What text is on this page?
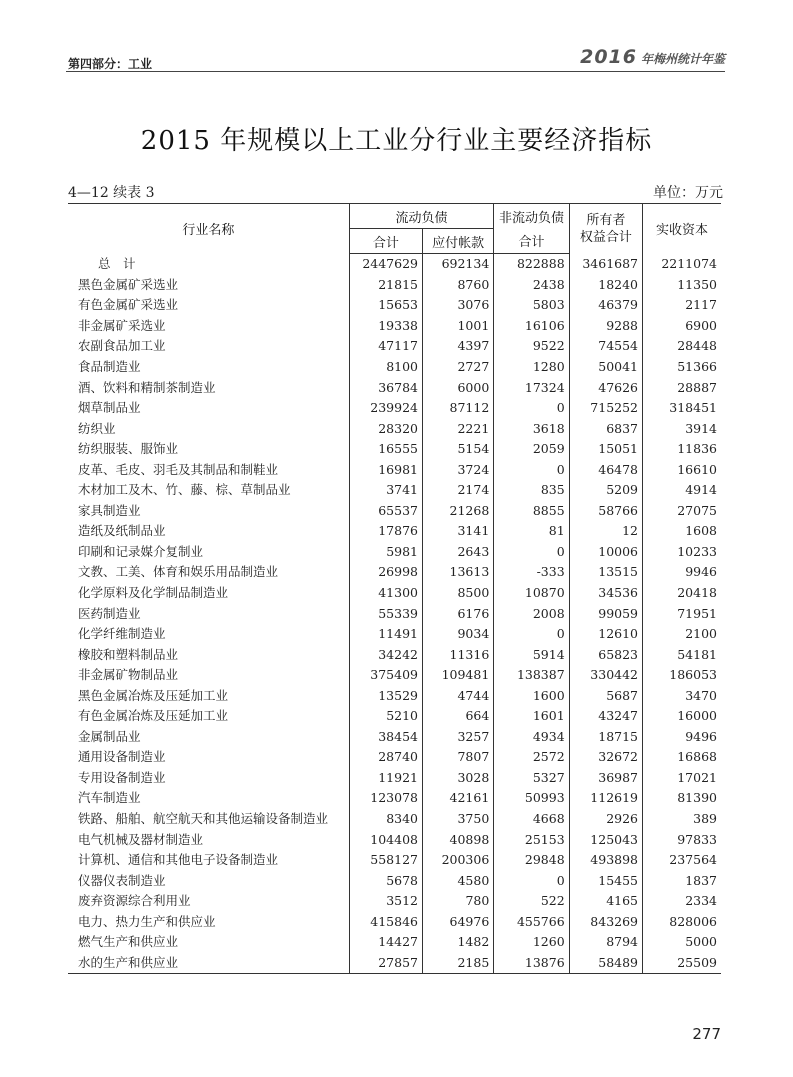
第四部分：工业	2016 年梅州统计年鉴
2015 年规模以上工业分行业主要经济指标
4—12 续表 3	单位：万元
行业名称	流动负债		非流动负债	所有者
权益合计	实收资本
	合计	应付帐款	合计		
总　计	2447629	692134	822888	3461687	2211074
黑色金属矿采选业	21815	8760	2438	18240	11350
有色金属矿采选业	15653	3076	5803	46379	2117
非金属矿采选业	19338	1001	16106	9288	6900
农副食品加工业	47117	4397	9522	74554	28448
食品制造业	8100	2727	1280	50041	51366
酒、饮料和精制茶制造业	36784	6000	17324	47626	28887
烟草制品业	239924	87112	0	715252	318451
纺织业	28320	2221	3618	6837	3914
纺织服装、服饰业	16555	5154	2059	15051	11836
皮革、毛皮、羽毛及其制品和制鞋业	16981	3724	0	46478	16610
木材加工及木、竹、藤、棕、草制品业	3741	2174	835	5209	4914
家具制造业	65537	21268	8855	58766	27075
造纸及纸制品业	17876	3141	81	12	1608
印刷和记录媒介复制业	5981	2643	0	10006	10233
文教、工美、体育和娱乐用品制造业	26998	13613	-333	13515	9946
化学原料及化学制品制造业	41300	8500	10870	34536	20418
医药制造业	55339	6176	2008	99059	71951
化学纤维制造业	11491	9034	0	12610	2100
橡胶和塑料制品业	34242	11316	5914	65823	54181
非金属矿物制品业	375409	109481	138387	330442	186053
黑色金属冶炼及压延加工业	13529	4744	1600	5687	3470
有色金属冶炼及压延加工业	5210	664	1601	43247	16000
金属制品业	38454	3257	4934	18715	9496
通用设备制造业	28740	7807	2572	32672	16868
专用设备制造业	11921	3028	5327	36987	17021
汽车制造业	123078	42161	50993	112619	81390
铁路、船舶、航空航天和其他运输设备制造业	8340	3750	4668	2926	389
电气机械及器材制造业	104408	40898	25153	125043	97833
计算机、通信和其他电子设备制造业	558127	200306	29848	493898	237564
仪器仪表制造业	5678	4580	0	15455	1837
废弃资源综合利用业	3512	780	522	4165	2334
电力、热力生产和供应业	415846	64976	455766	843269	828006
燃气生产和供应业	14427	1482	1260	8794	5000
水的生产和供应业	27857	2185	13876	58489	25509
277
